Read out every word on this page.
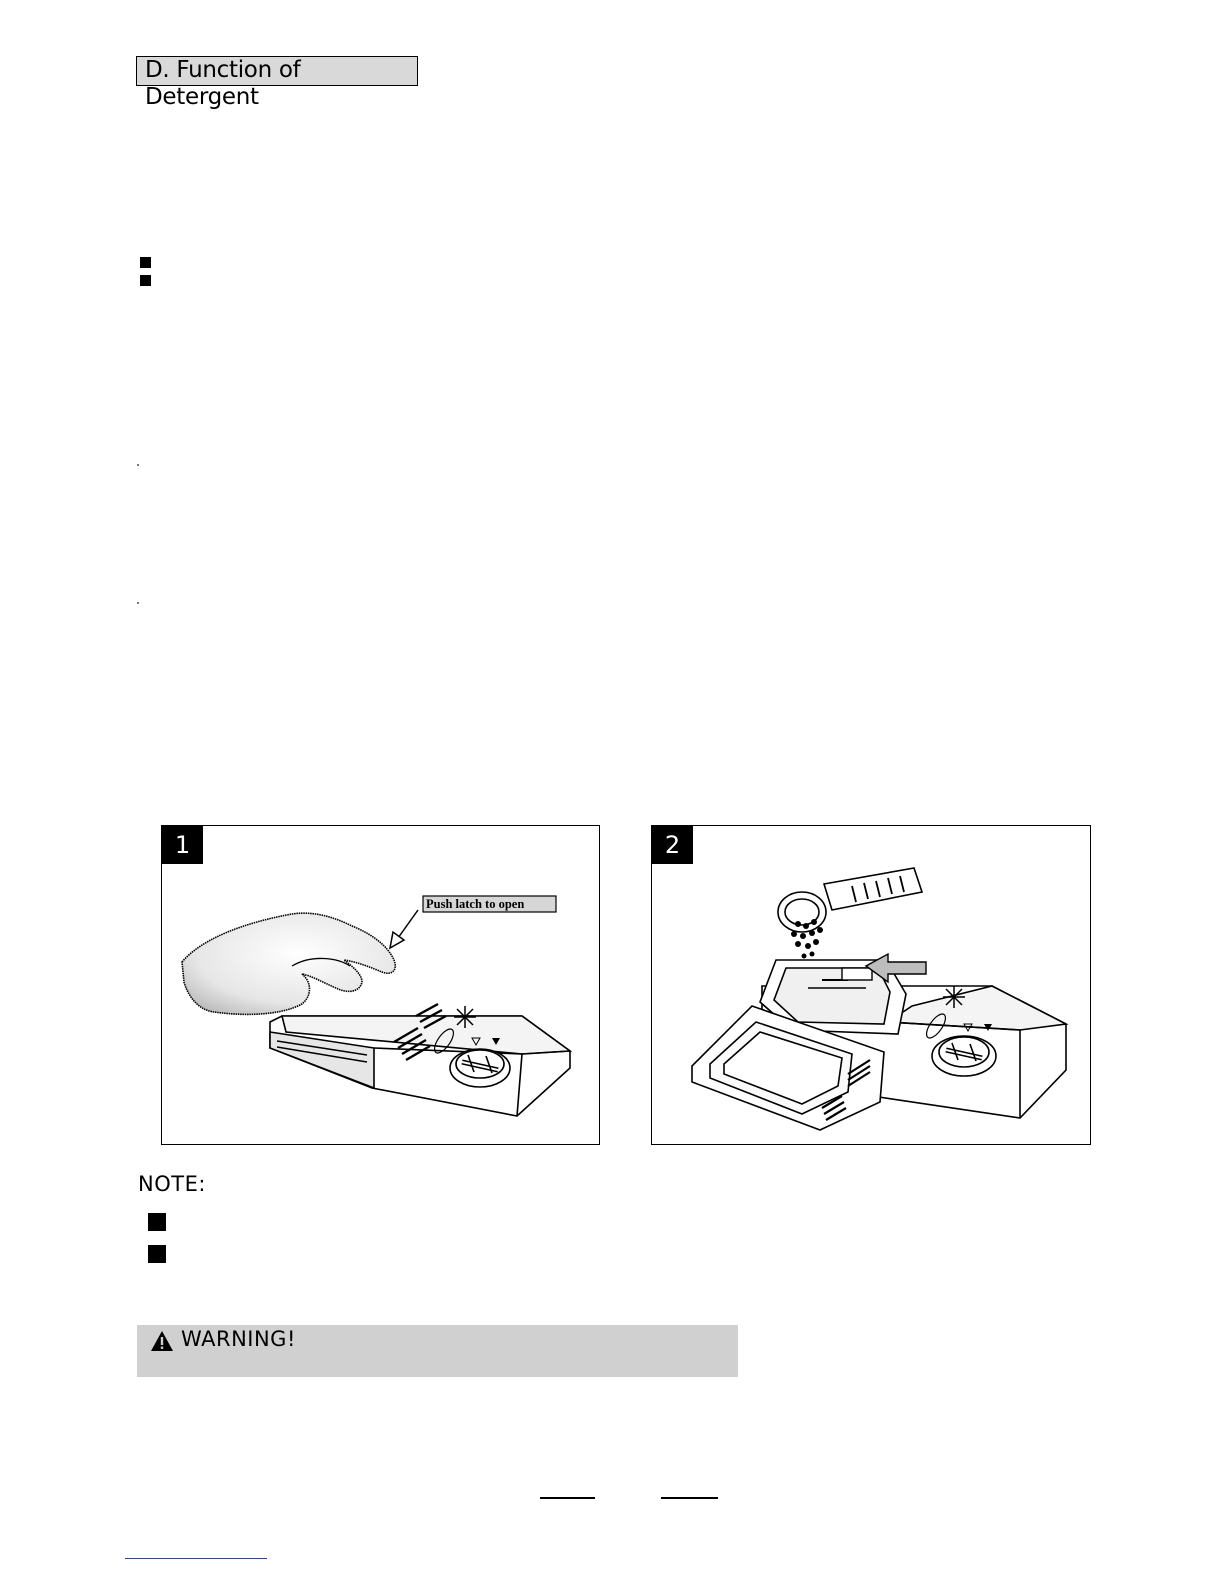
D. Function of Detergent
1
Push latch to open
2
NOTE:
WARNING!
